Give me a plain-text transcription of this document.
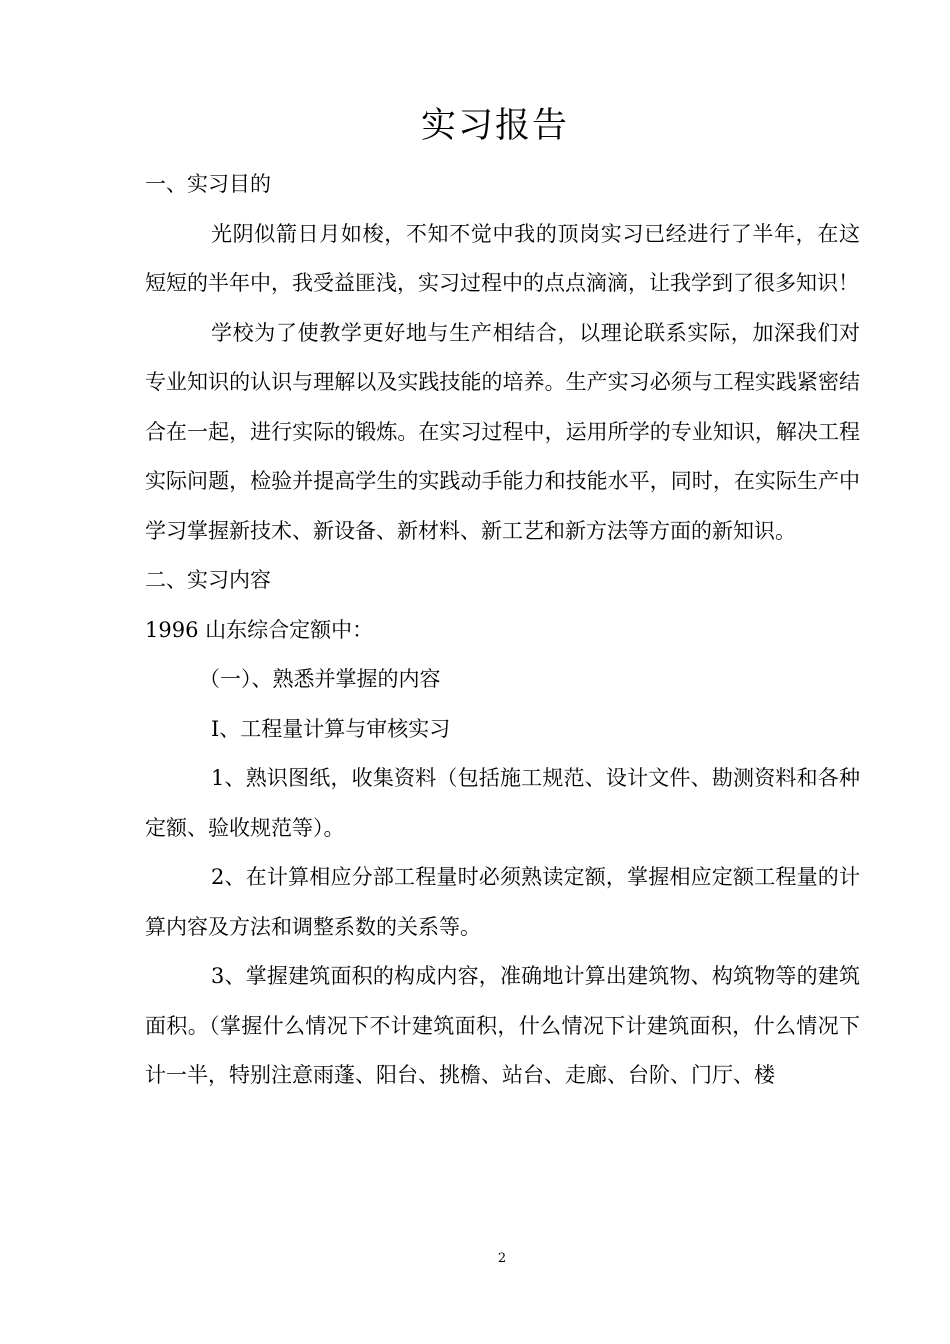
实习报告

一、实习目的

光阴似箭日月如梭，不知不觉中我的顶岗实习已经进行了半年，在这短短的半年中，我受益匪浅，实习过程中的点点滴滴，让我学到了很多知识！

学校为了使教学更好地与生产相结合，以理论联系实际，加深我们对专业知识的认识与理解以及实践技能的培养。生产实习必须与工程实践紧密结合在一起，进行实际的锻炼。在实习过程中，运用所学的专业知识，解决工程实际问题，检验并提高学生的实践动手能力和技能水平，同时，在实际生产中学习掌握新技术、新设备、新材料、新工艺和新方法等方面的新知识。

二、实习内容

1996 山东综合定额中：

（一）、熟悉并掌握的内容

I、工程量计算与审核实习

1、熟识图纸，收集资料（包括施工规范、设计文件、勘测资料和各种定额、验收规范等）。

2、在计算相应分部工程量时必须熟读定额，掌握相应定额工程量的计算内容及方法和调整系数的关系等。

3、掌握建筑面积的构成内容，准确地计算出建筑物、构筑物等的建筑面积。（掌握什么情况下不计建筑面积，什么情况下计建筑面积，什么情况下计一半，特别注意雨蓬、阳台、挑檐、站台、走廊、台阶、门厅、楼

2
